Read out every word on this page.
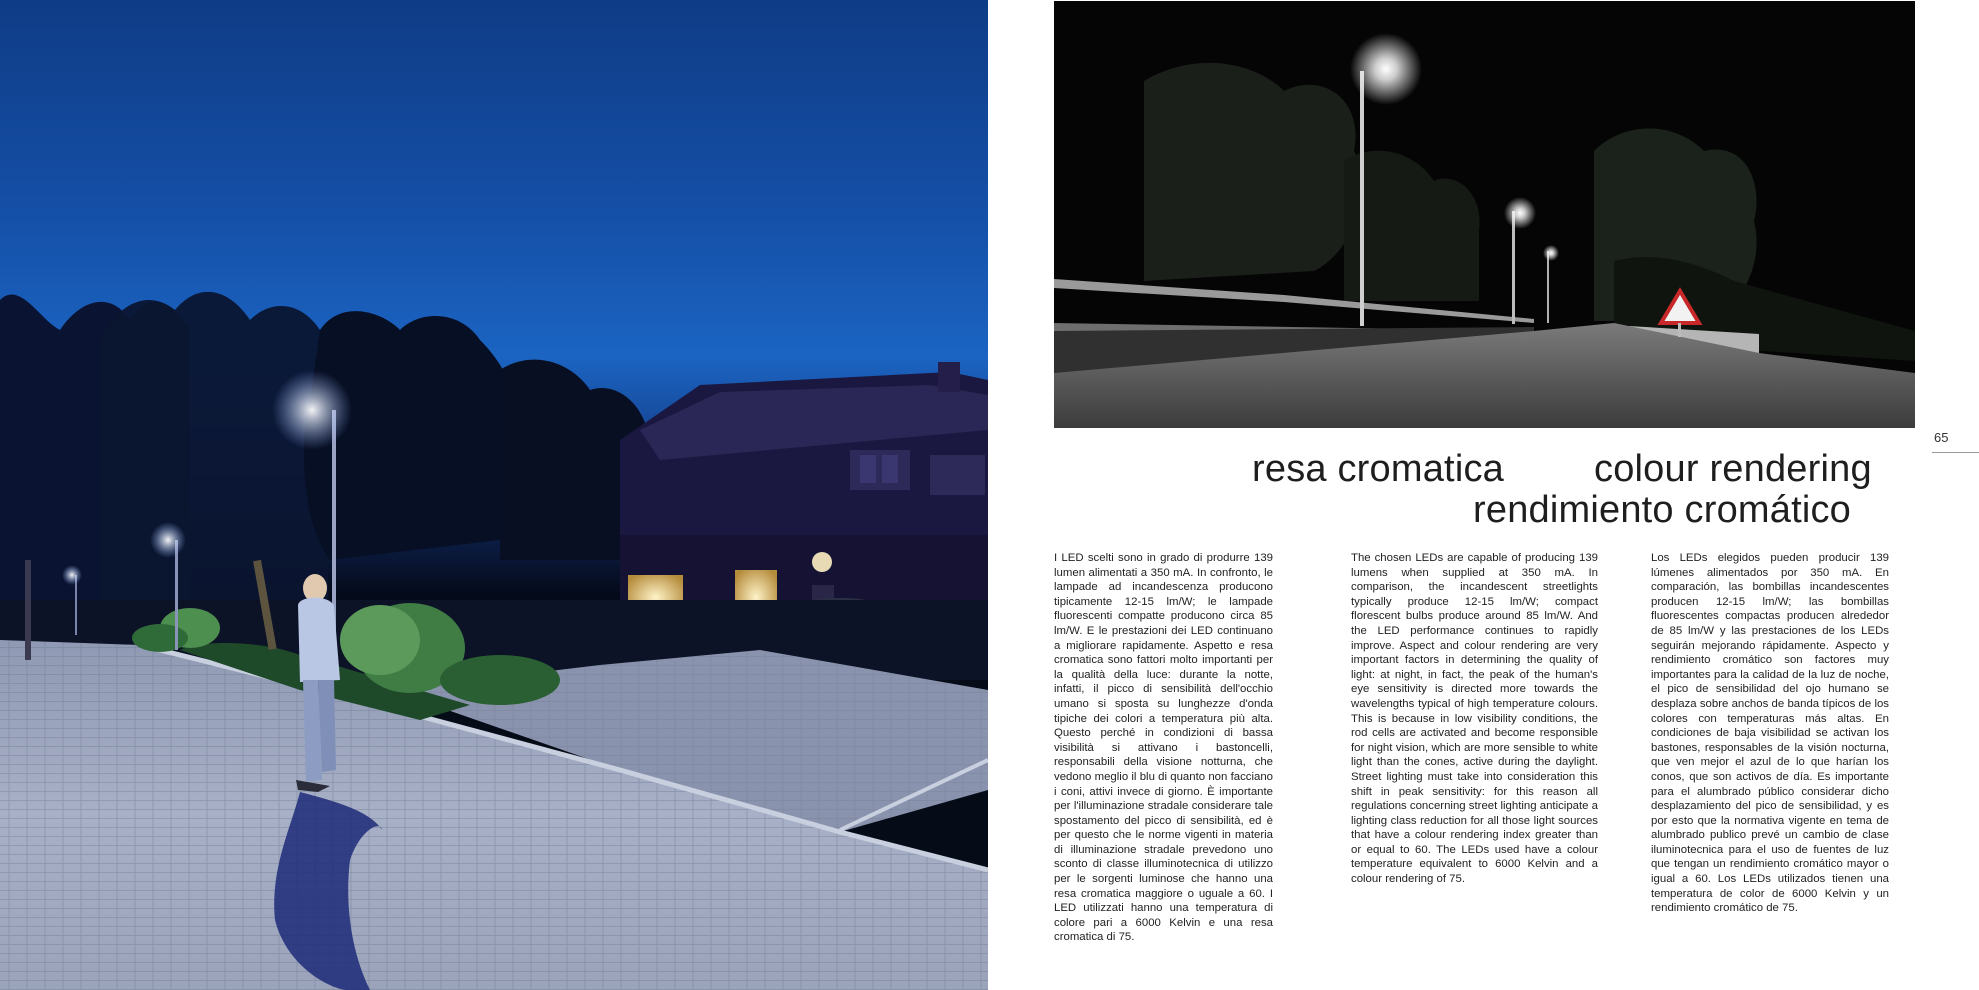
65
resa cromatica colour rendering
rendimiento cromático
I LED scelti sono in grado di produrre 139 lumen alimentati a 350 mA. In confronto, le lampade ad incandescenza producono tipicamente 12-15 lm/W; le lampade fluorescenti compatte producono circa 85 lm/W. E le prestazioni dei LED continuano a migliorare rapidamente. Aspetto e resa cromatica sono fattori molto importanti per la qualità della luce: durante la notte, infatti, il picco di sensibilità dell'occhio umano si sposta su lunghezze d'onda tipiche dei colori a temperatura più alta. Questo perché in condizioni di bassa visibilità si attivano i bastoncelli, responsabili della visione notturna, che vedono meglio il blu di quanto non facciano i coni, attivi invece di giorno. È importante per l'illuminazione stradale considerare tale spostamento del picco di sensibilità, ed è per questo che le norme vigenti in materia di illuminazione stradale prevedono uno sconto di classe illuminotecnica di utilizzo per le sorgenti luminose che hanno una resa cromatica maggiore o uguale a 60. I LED utilizzati hanno una temperatura di colore pari a 6000 Kelvin e una resa cromatica di 75.
The chosen LEDs are capable of producing 139 lumens when supplied at 350 mA. In comparison, the incandescent streetlights typically produce 12-15 lm/W; compact florescent bulbs produce around 85 lm/W. And the LED performance continues to rapidly improve. Aspect and colour rendering are very important factors in determining the quality of light: at night, in fact, the peak of the human's eye sensitivity is directed more towards the wavelengths typical of high temperature colours. This is because in low visibility conditions, the rod cells are activated and become responsible for night vision, which are more sensible to white light than the cones, active during the daylight. Street lighting must take into consideration this shift in peak sensitivity: for this reason all regulations concerning street lighting anticipate a lighting class reduction for all those light sources that have a colour rendering index greater than or equal to 60. The LEDs used have a colour temperature equivalent to 6000 Kelvin and a colour rendering of 75.
Los LEDs elegidos pueden producir 139 lúmenes alimentados por 350 mA. En comparación, las bombillas incandescentes producen 12-15 lm/W; las bombillas fluorescentes compactas producen alrededor de 85 lm/W y las prestaciones de los LEDs seguirán mejorando rápidamente. Aspecto y rendimiento cromático son factores muy importantes para la calidad de la luz de noche, el pico de sensibilidad del ojo humano se desplaza sobre anchos de banda típicos de los colores con temperaturas más altas. En condiciones de baja visibilidad se activan los bastones, responsables de la visión nocturna, que ven mejor el azul de lo que harían los conos, que son activos de día. Es importante para el alumbrado público considerar dicho desplazamiento del pico de sensibilidad, y es por esto que la normativa vigente en tema de alumbrado publico prevé un cambio de clase iluminotecnica para el uso de fuentes de luz que tengan un rendimiento cromático mayor o igual a 60. Los LEDs utilizados tienen una temperatura de color de 6000 Kelvin y un rendimiento cromático de 75.
